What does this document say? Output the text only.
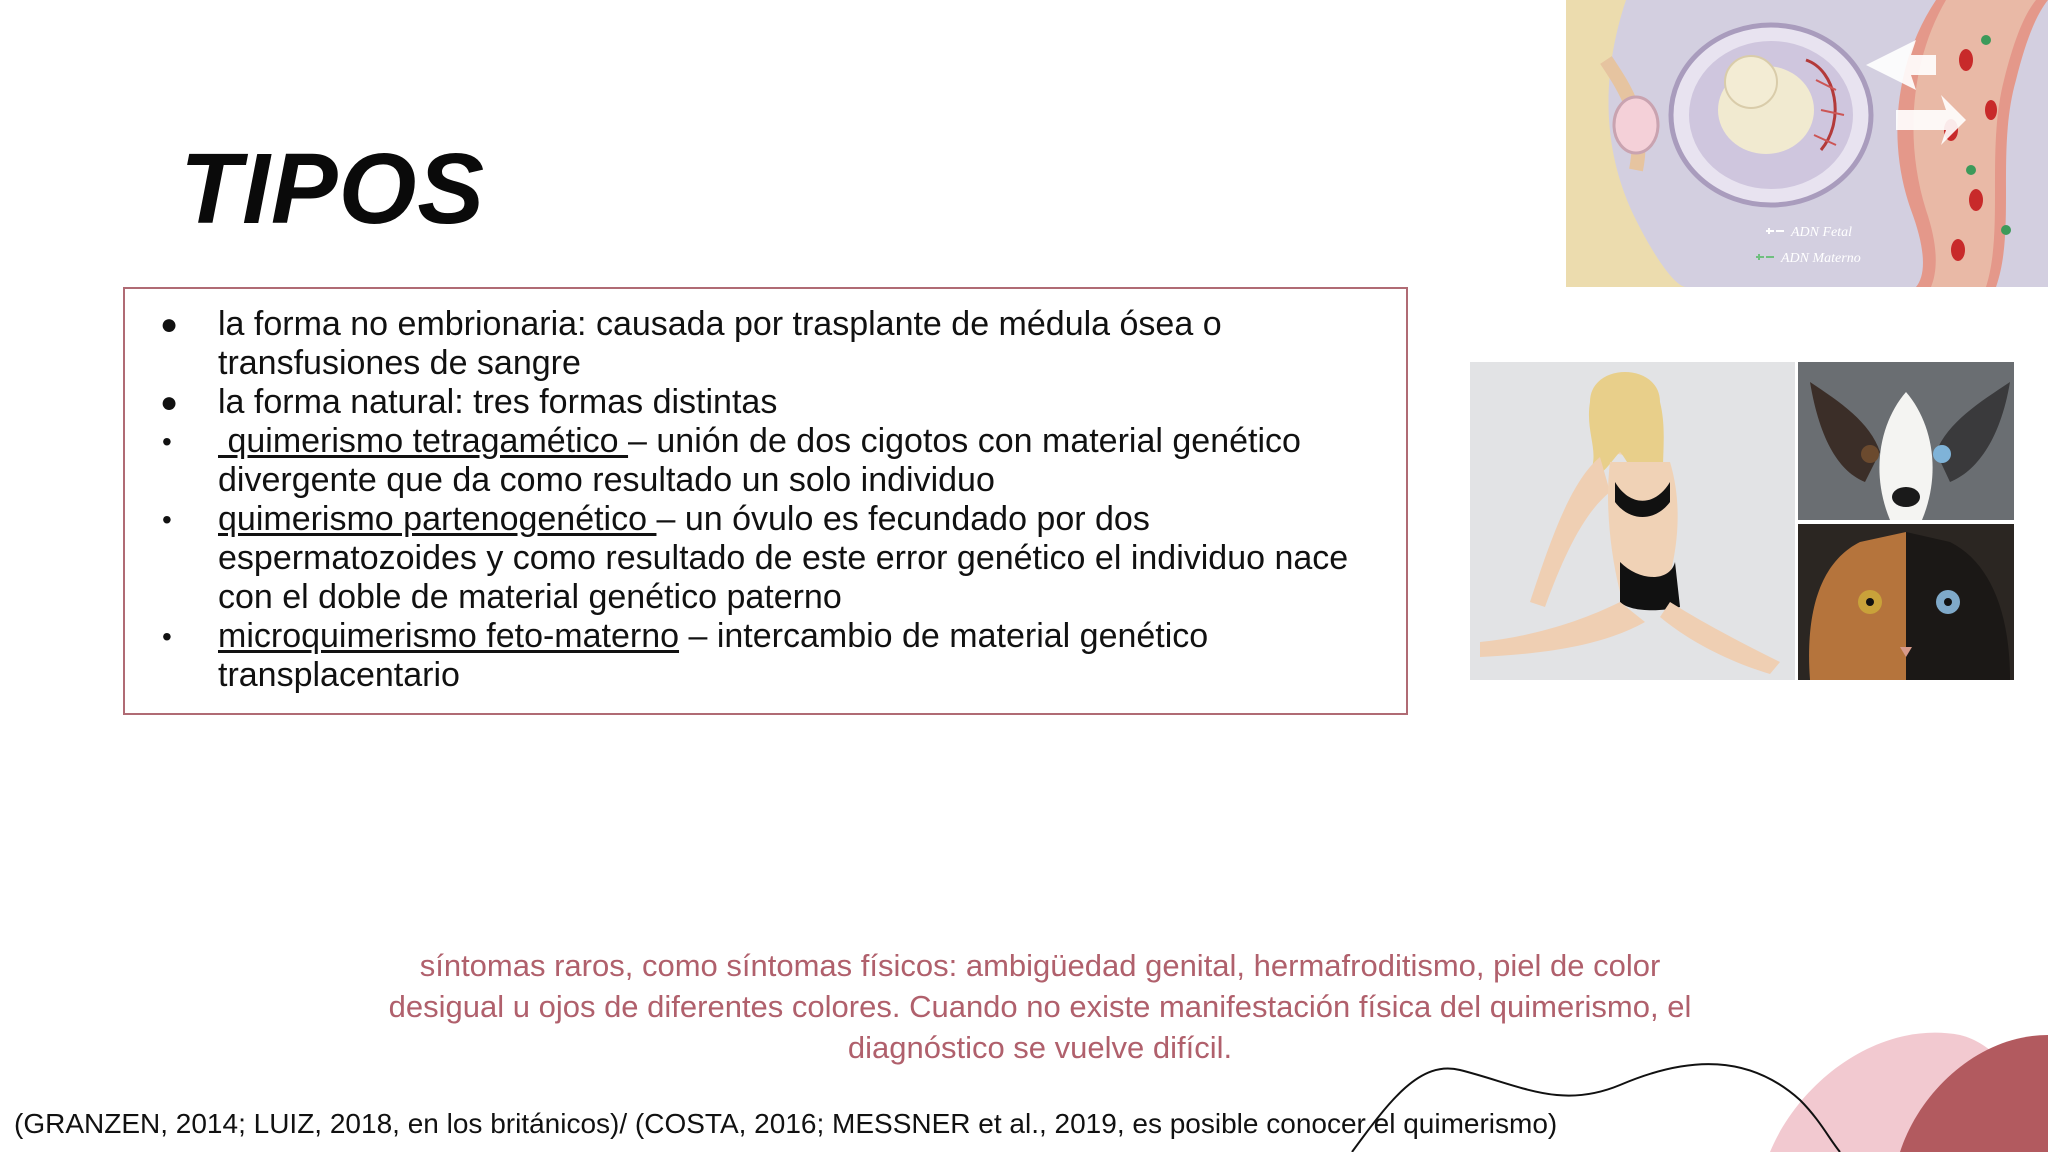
TIPOS
●	la forma no embrionaria: causada por trasplante de médula ósea o transfusiones de sangre
●	la forma natural: tres formas distintas
•	quimerismo tetragamético – unión de dos cigotos con material genético divergente que da como resultado un solo individuo
•	quimerismo partenogenético – un óvulo es fecundado por dos espermatozoides y como resultado de este error genético el individuo nace con el doble de material genético paterno
•	microquimerismo feto-materno – intercambio de material genético transplacentario
ADN Fetal
ADN Materno
síntomas raros, como síntomas físicos: ambigüedad genital, hermafroditismo, piel de color desigual u ojos de diferentes colores. Cuando no existe manifestación física del quimerismo, el diagnóstico se vuelve difícil.
(GRANZEN, 2014; LUIZ, 2018, en los británicos)/ (COSTA, 2016; MESSNER et al., 2019, es posible conocer el quimerismo)
